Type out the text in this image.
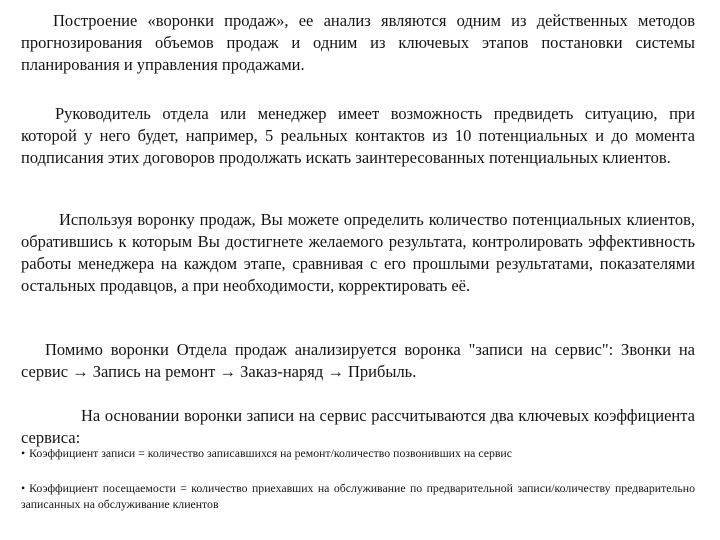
Построение «воронки продаж», ее анализ являются одним из действенных методов прогнозирования объемов продаж и одним из ключевых этапов постановки системы планирования и управления продажами.

Руководитель отдела или менеджер имеет возможность предвидеть ситуацию, при которой у него будет, например, 5 реальных контактов из 10 потенциальных и до момента подписания этих договоров продолжать искать заинтересованных потенциальных клиентов.

Используя воронку продаж, Вы можете определить количество потенциальных клиентов, обратившись к которым Вы достигнете желаемого результата, контролировать эффективность работы менеджера на каждом этапе, сравнивая с его прошлыми результатами, показателями остальных продавцов, а при необходимости, корректировать её.

Помимо воронки Отдела продаж анализируется воронка "записи на сервис": Звонки на сервис → Запись на ремонт → Заказ-наряд → Прибыль.

На основании воронки записи на сервис рассчитываются два ключевых коэффициента сервиса:

• Коэффициент записи = количество записавшихся на ремонт/количество позвонивших на сервис

• Коэффициент посещаемости = количество приехавших на обслуживание по предварительной записи/количеству предварительно записанных на обслуживание клиентов
